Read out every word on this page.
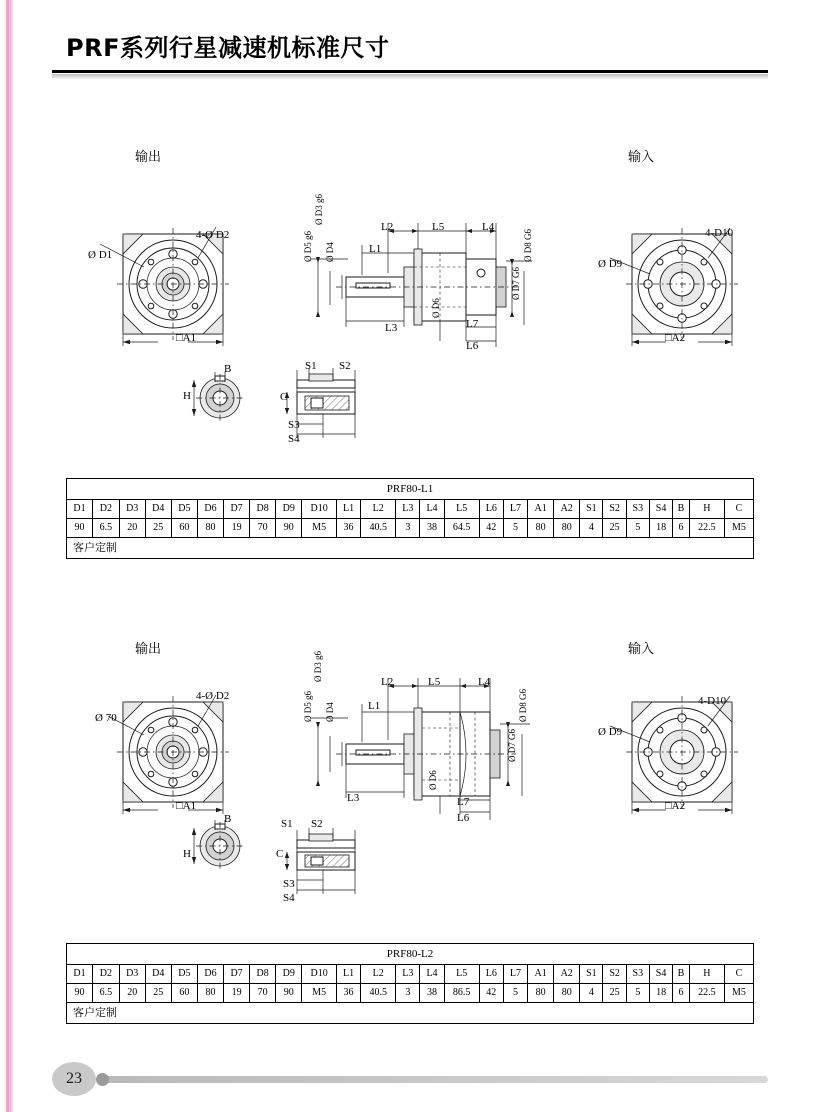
PRF系列行星减速机标准尺寸
输出	输入
Ø D1
4-Ø D2
□A1
B
H
S1 S2
C
S3
S4
L2	L5	L4
L1
L3
L6
Ø D3 g6
Ø D5 g6 Ø D4
Ø D6
Ø D8 G6
Ø D7 G6
L7
Ø D9
4-D10
□A2
PRF80-L1																									
D1	D2	D3	D4	D5	D6	D7	D8	D9	D10	L1	L2	L3	L4	L5	L6	L7	A1	A2	S1	S2	S3	S4	B	H	C
90	6.5	20	25	60	80	19	70	90	M5	36	40.5	3	38	64.5	42	5	80	80	4	25	5	18	6	22.5	M5
客户定制																									
输出	输入
Ø 70
4-Ø D2
□A1
B
H
S1 S2
C
S3
S4
L2	L5	L4
L1
L3
L6
Ø D3 g6
Ø D5 g6 Ø D4
Ø D6
Ø D8 G6
Ø D7 G6
L7
Ø D9
4-D10
□A2
PRF80-L2																									
D1	D2	D3	D4	D5	D6	D7	D8	D9	D10	L1	L2	L3	L4	L5	L6	L7	A1	A2	S1	S2	S3	S4	B	H	C
90	6.5	20	25	60	80	19	70	90	M5	36	40.5	3	38	86.5	42	5	80	80	4	25	5	18	6	22.5	M5
客户定制																									
23
